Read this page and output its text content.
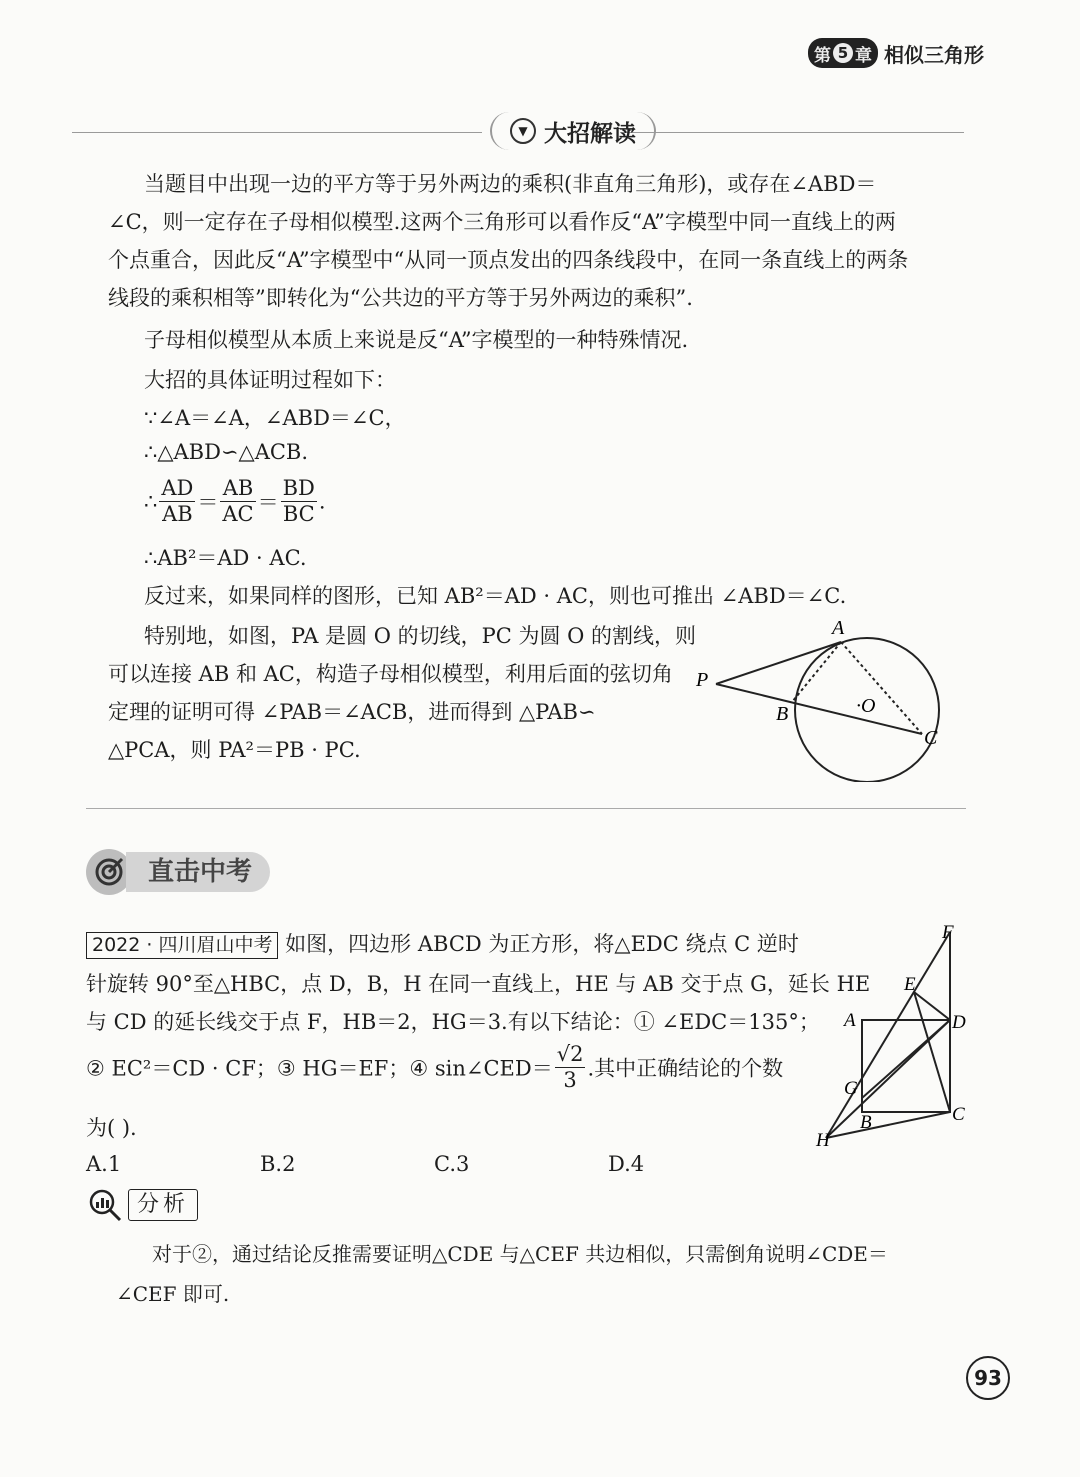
第 5 章 相似三角形
▼ 大招解读
当题目中出现一边的平方等于另外两边的乘积(非直角三角形)，或存在∠ABD＝
∠C，则一定存在子母相似模型.这两个三角形可以看作反“A”字模型中同一直线上的两
个点重合，因此反“A”字模型中“从同一顶点发出的四条线段中，在同一条直线上的两条
线段的乘积相等”即转化为“公共边的平方等于另外两边的乘积”.
子母相似模型从本质上来说是反“A”字模型的一种特殊情况.
大招的具体证明过程如下：
∵∠A＝∠A，∠ABD＝∠C，
∴△ABD∽△ACB.
∴ $\frac{AD}{AB} = \frac{AB}{AC} = \frac{BD}{BC}$ .
∴AB²＝AD · AC.
反过来，如果同样的图形，已知 AB²＝AD · AC，则也可推出 ∠ABD＝∠C.
特别地，如图，PA 是圆 O 的切线，PC 为圆 O 的割线，则
可以连接 AB 和 AC，构造子母相似模型，利用后面的弦切角
定理的证明可得 ∠PAB＝∠ACB，进而得到 △PAB∽
△PCA，则 PA²＝PB · PC.
A
P
B	·O
C
直击中考
2022 · 四川眉山中考 如图，四边形 ABCD 为正方形，将△EDC 绕点 C 逆时
针旋转 90°至△HBC，点 D，B，H 在同一直线上，HE 与 AB 交于点 G，延长 HE
与 CD 的延长线交于点 F，HB＝2，HG＝3.有以下结论：① ∠EDC＝135°；
② EC²＝CD · CF；③ HG＝EF；④ sin∠CED＝ $\frac{√2}{3}$ .其中正确结论的个数
为( ).
A.1	B.2	C.3	D.4
F
E
A	D
G
B	C
H
分析
对于②，通过结论反推需要证明△CDE 与△CEF 共边相似，只需倒角说明∠CDE＝
∠CEF 即可.
93
